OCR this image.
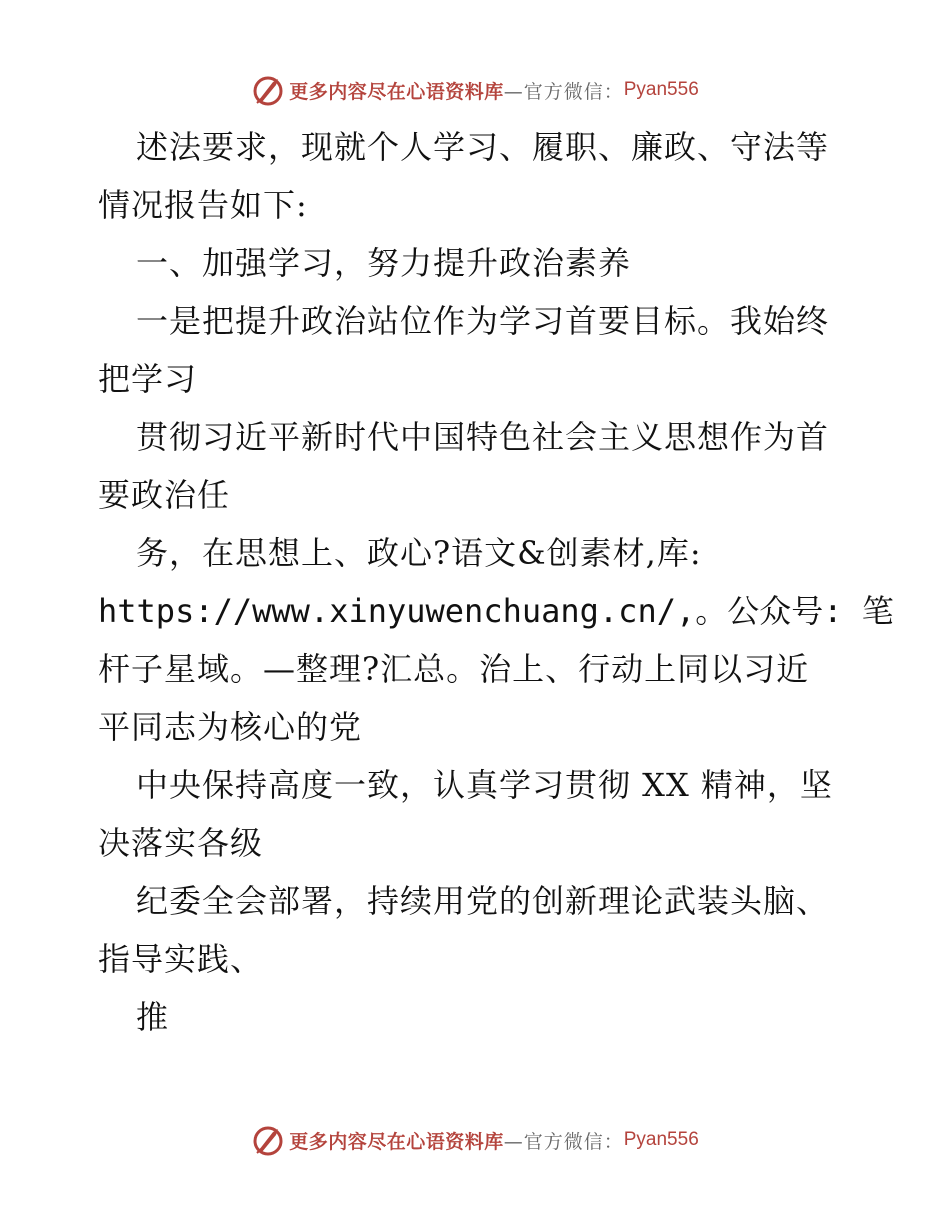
更多内容尽在心语资料库 —官方微信： Pyan556
述法要求，现就个人学习、履职、廉政、守法等
情况报告如下:
一、加强学习，努力提升政治素养
一是把提升政治站位作为学习首要目标。我始终
把学习
贯彻习近平新时代中国特色社会主义思想作为首
要政治任
务，在思想上、政心?语文&创素材,库:
https://www.xinyuwenchuang.cn/,。公众号: 笔
杆子星域。—整理?汇总。治上、行动上同以习近
平同志为核心的党
中央保持高度一致，认真学习贯彻 XX 精神，坚
决落实各级
纪委全会部署，持续用党的创新理论武装头脑、
指导实践、
推
更多内容尽在心语资料库 —官方微信： Pyan556
